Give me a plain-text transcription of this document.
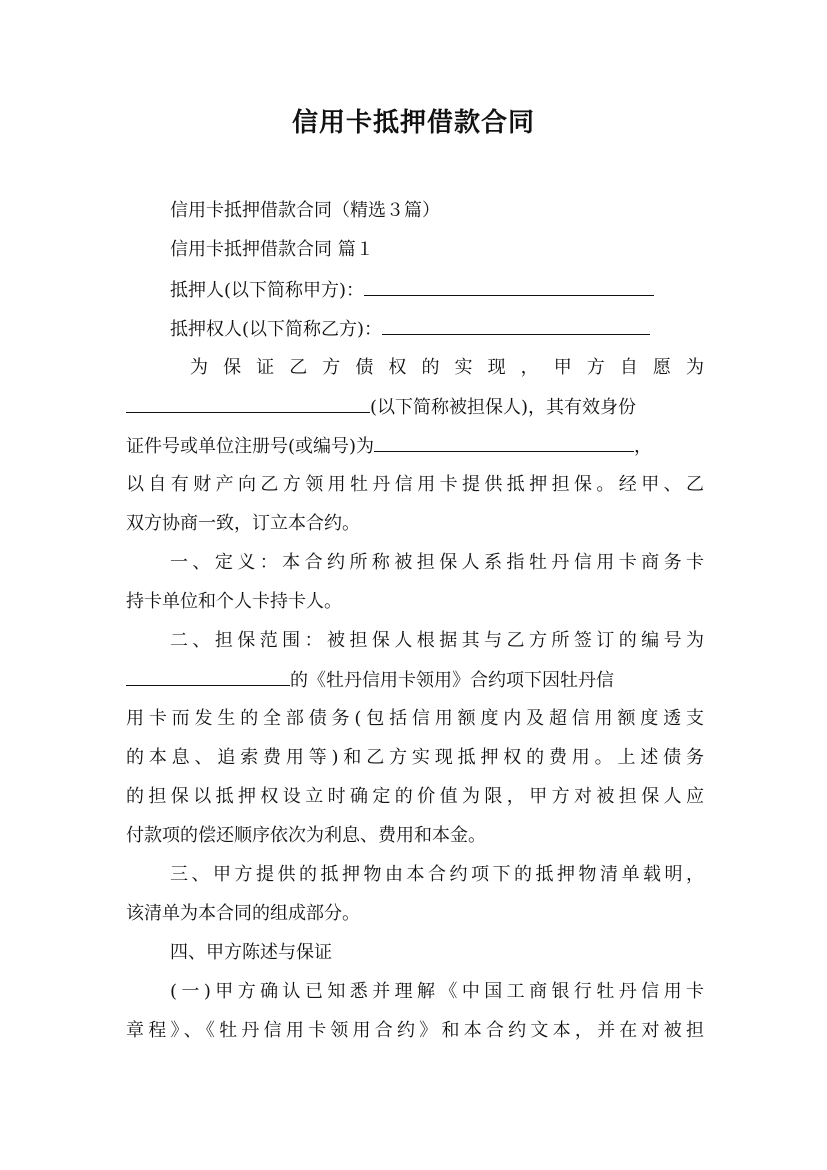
信用卡抵押借款合同
信用卡抵押借款合同（精选３篇）
信用卡抵押借款合同 篇１
抵押人(以下简称甲方)：
抵押权人(以下简称乙方)：
为保证乙方债权的实现，甲方自愿为
(以下简称被担保人)，其有效身份
证件号或单位注册号(或编号)为	，
以自有财产向乙方领用牡丹信用卡提供抵押担保。经甲、乙
双方协商一致，订立本合约。
一、定义：本合约所称被担保人系指牡丹信用卡商务卡
持卡单位和个人卡持卡人。
二、担保范围：被担保人根据其与乙方所签订的编号为
的《牡丹信用卡领用》合约项下因牡丹信
用卡而发生的全部债务(包括信用额度内及超信用额度透支
的本息、追索费用等)和乙方实现抵押权的费用。上述债务
的担保以抵押权设立时确定的价值为限，甲方对被担保人应
付款项的偿还顺序依次为利息、费用和本金。
三、甲方提供的抵押物由本合约项下的抵押物清单载明，
该清单为本合同的组成部分。
四、甲方陈述与保证
(一)甲方确认已知悉并理解《中国工商银行牡丹信用卡
章程》、《牡丹信用卡领用合约》和本合约文本，并在对被担
